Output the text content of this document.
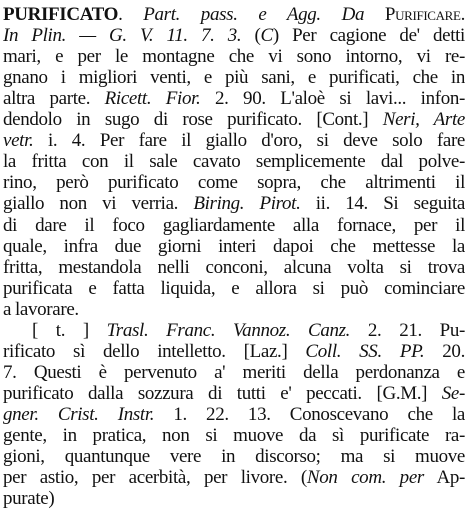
PURIFICATO. Part. pass. e Agg. Da Purificare.
In Plin. — G. V. 11. 7. 3. (C) Per cagione de' detti
mari, e per le montagne che vi sono intorno, vi re-
gnano i migliori venti, e più sani, e purificati, che in
altra parte. Ricett. Fior. 2. 90. L'aloè si lavi... infon-
dendolo in sugo di rose purificato. [Cont.] Neri, Arte
vetr. i. 4. Per fare il giallo d'oro, si deve solo fare
la fritta con il sale cavato semplicemente dal polve-
rino, però purificato come sopra, che altrimenti il
giallo non vi verria. Biring. Pirot. ii. 14. Si seguita
di dare il foco gagliardamente alla fornace, per il
quale, infra due giorni interi dapoi che mettesse la
fritta, mestandola nelli conconi, alcuna volta si trova
purificata e fatta liquida, e allora si può cominciare
a lavorare.
[ t. ] Trasl. Franc. Vannoz. Canz. 2. 21. Pu-
rificato sì dello intelletto. [Laz.] Coll. SS. PP. 20.
7. Questi è pervenuto a' meriti della perdonanza e
purificato dalla sozzura di tutti e' peccati. [G.M.] Se-
gner. Crist. Instr. 1. 22. 13. Conoscevano che la
gente, in pratica, non si muove da sì purificate ra-
gioni, quantunque vere in discorso; ma si muove
per astio, per acerbità, per livore. (Non com. per Ap-
purate)
